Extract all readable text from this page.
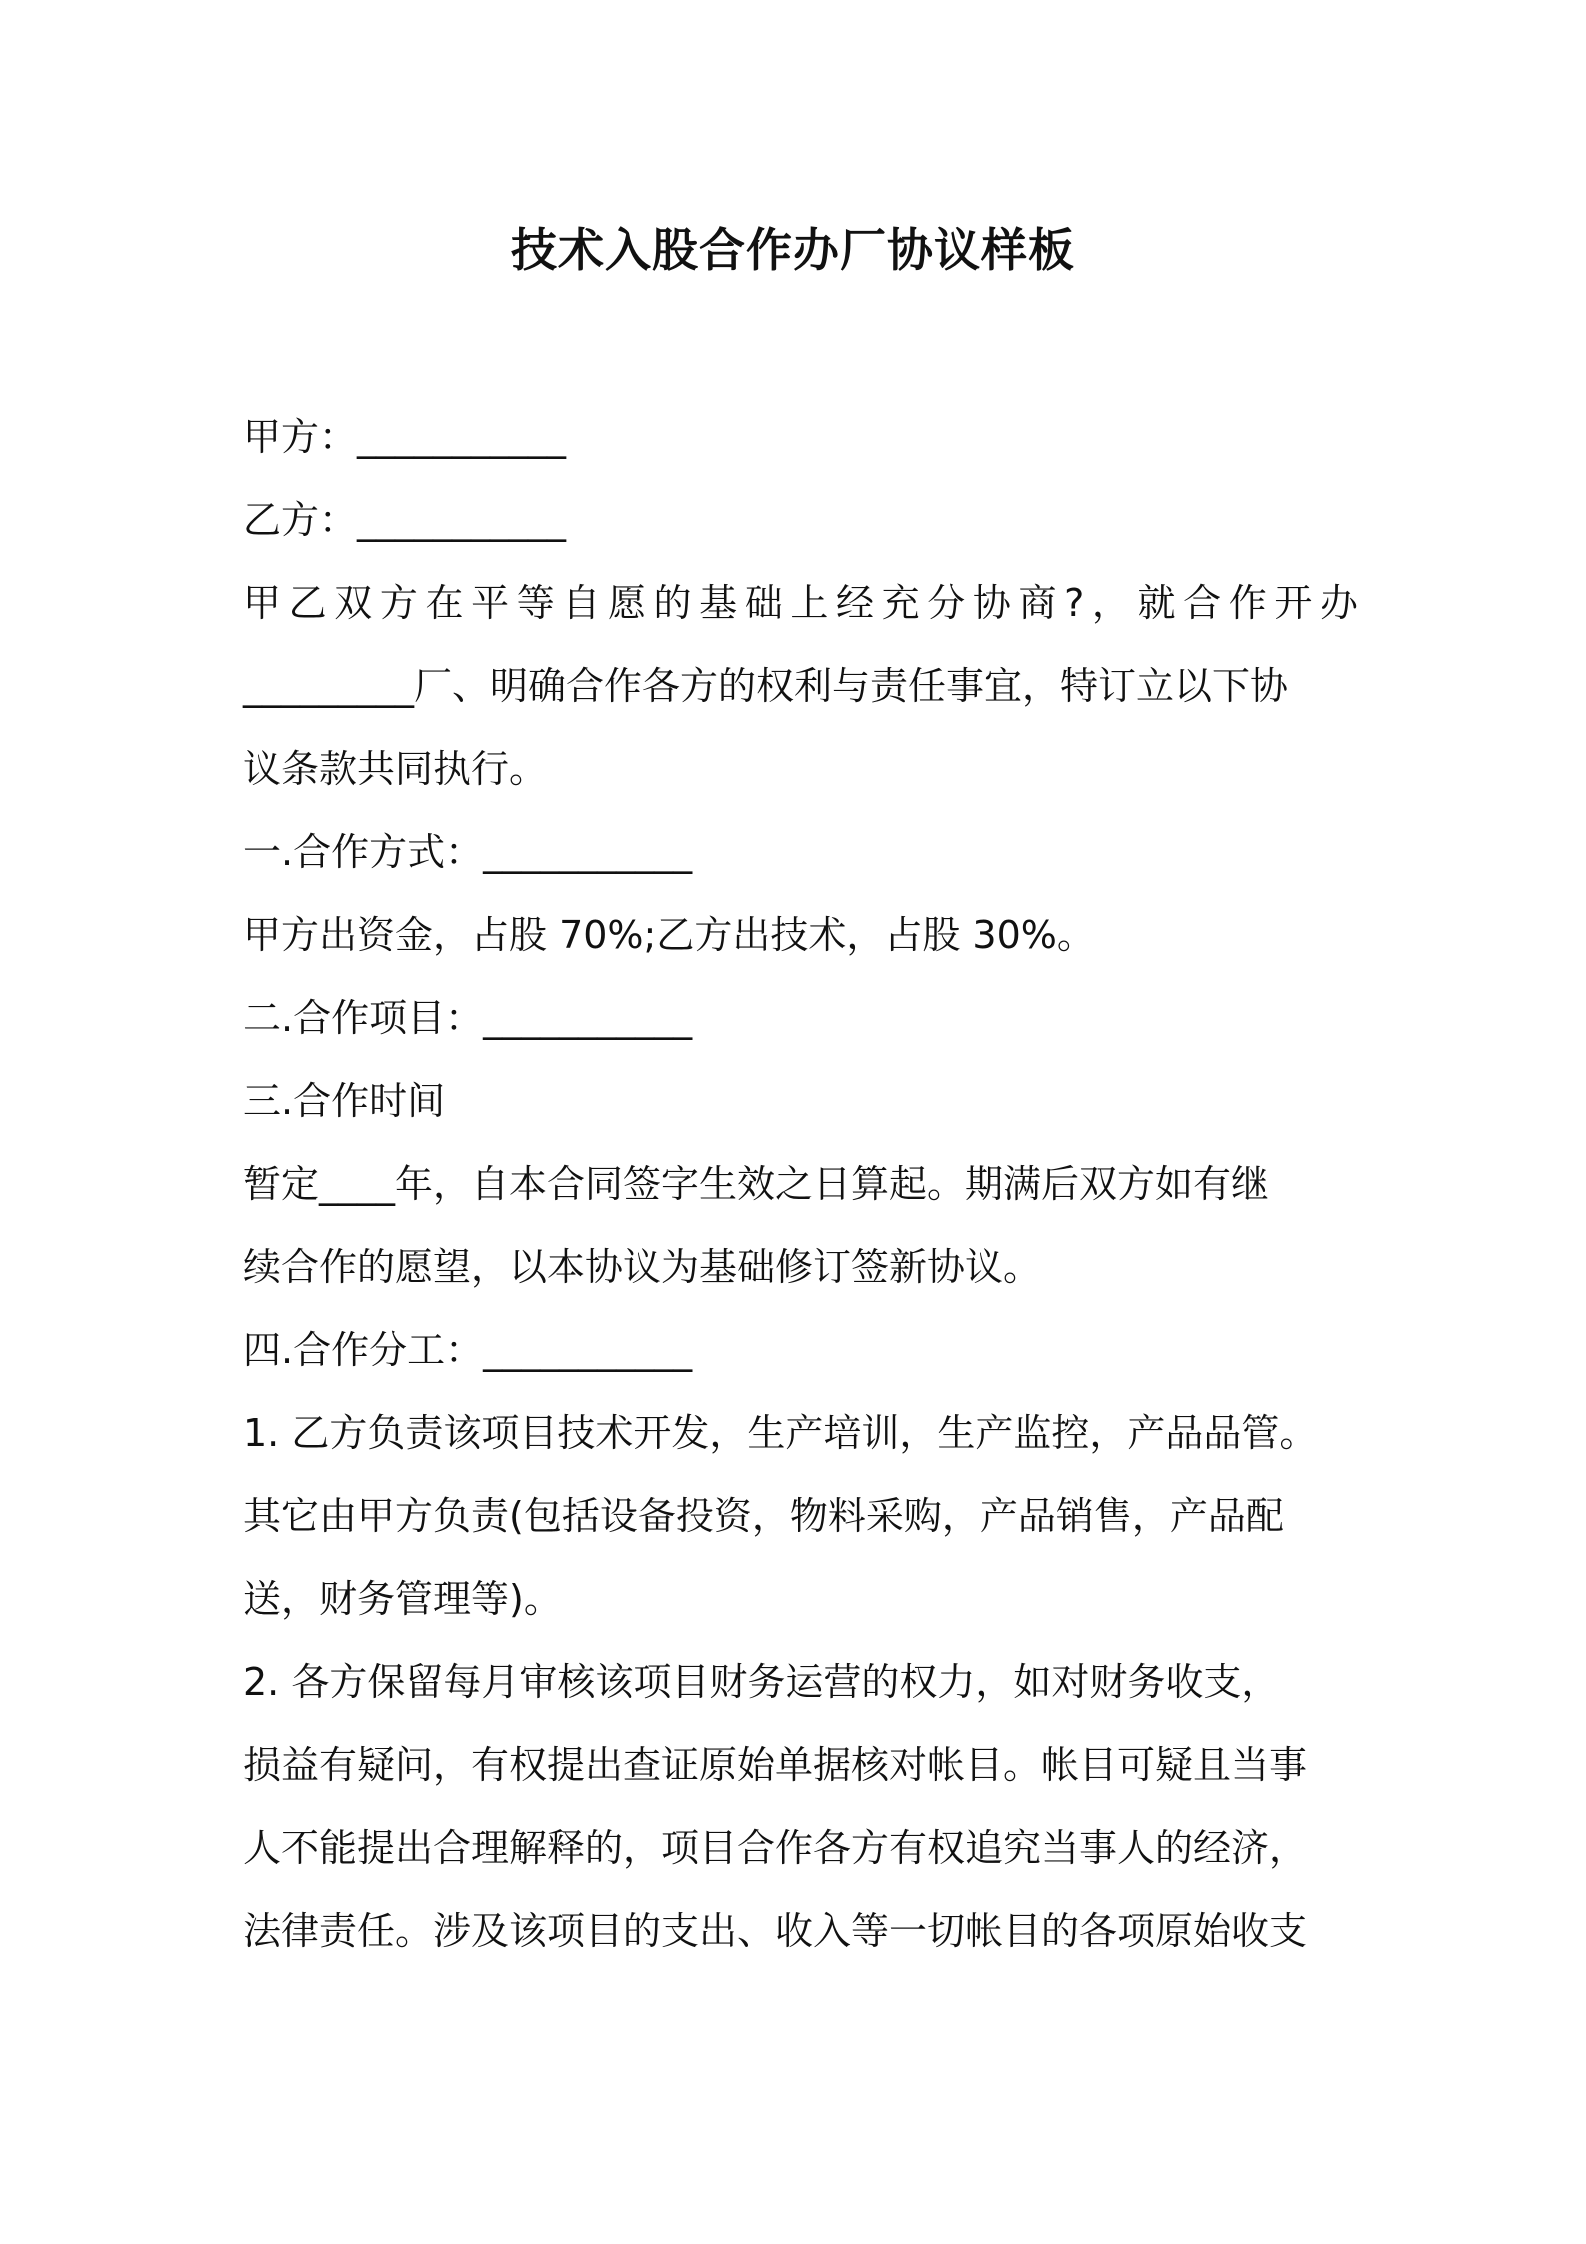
技术入股合作办厂协议样板
甲方：___________
乙方：___________
甲乙双方在平等自愿的基础上经充分协商?，就合作开办
_________厂、明确合作各方的权利与责任事宜，特订立以下协
议条款共同执行。
一.合作方式：___________
甲方出资金，占股 70%;乙方出技术，占股 30%。
二.合作项目：___________
三.合作时间
暂定____年，自本合同签字生效之日算起。期满后双方如有继
续合作的愿望，以本协议为基础修订签新协议。
四.合作分工：___________
1. 乙方负责该项目技术开发，生产培训，生产监控，产品品管。
其它由甲方负责(包括设备投资，物料采购，产品销售，产品配
送，财务管理等)。
2. 各方保留每月审核该项目财务运营的权力，如对财务收支，
损益有疑问，有权提出查证原始单据核对帐目。帐目可疑且当事
人不能提出合理解释的，项目合作各方有权追究当事人的经济，
法律责任。涉及该项目的支出、收入等一切帐目的各项原始收支
